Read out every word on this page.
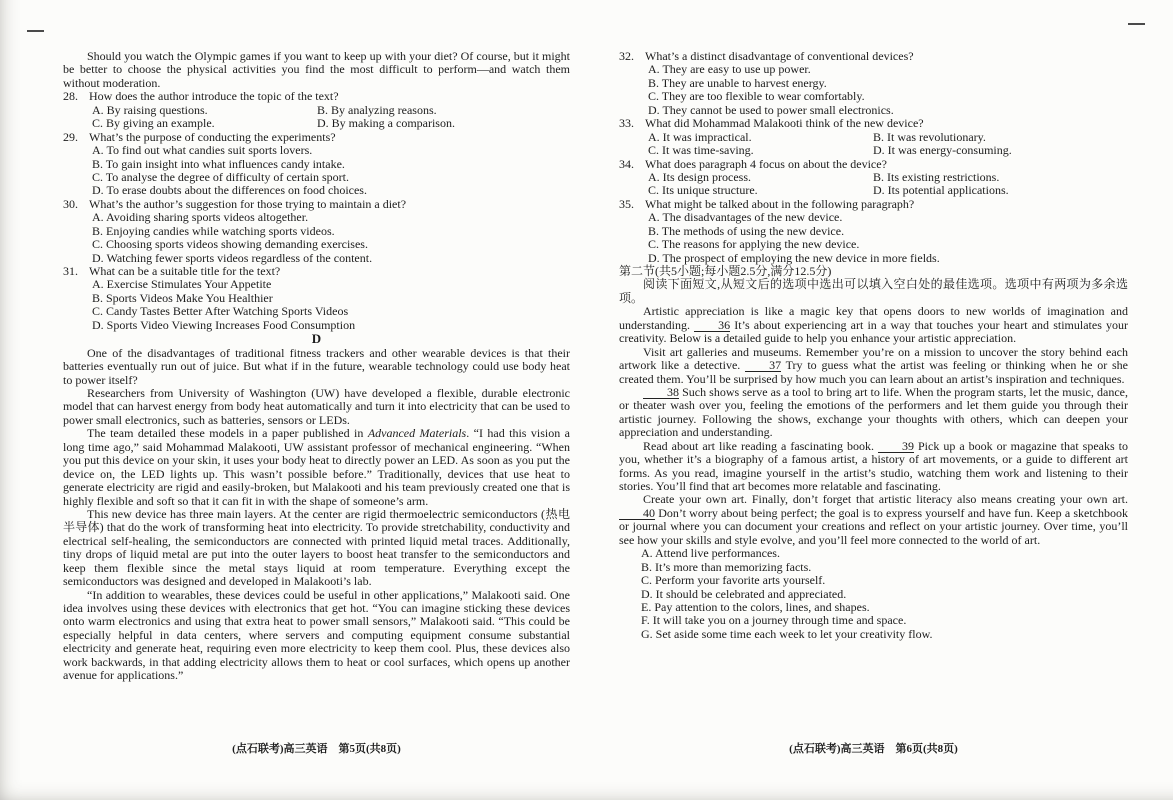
Should you watch the Olympic games if you want to keep up with your diet? Of course, but it might be better to choose the physical activities you find the most difficult to perform—and watch them without moderation.

28. How does the author introduce the topic of the text?
A. By raising questions.	B. By analyzing reasons.
C. By giving an example.	D. By making a comparison.
29. What’s the purpose of conducting the experiments?
A. To find out what candies suit sports lovers.
B. To gain insight into what influences candy intake.
C. To analyse the degree of difficulty of certain sport.
D. To erase doubts about the differences on food choices.
30. What’s the author’s suggestion for those trying to maintain a diet?
A. Avoiding sharing sports videos altogether.
B. Enjoying candies while watching sports videos.
C. Choosing sports videos showing demanding exercises.
D. Watching fewer sports videos regardless of the content.
31. What can be a suitable title for the text?
A. Exercise Stimulates Your Appetite
B. Sports Videos Make You Healthier
C. Candy Tastes Better After Watching Sports Videos
D. Sports Video Viewing Increases Food Consumption
D

One of the disadvantages of traditional fitness trackers and other wearable devices is that their batteries eventually run out of juice. But what if in the future, wearable technology could use body heat to power itself?

Researchers from University of Washington (UW) have developed a flexible, durable electronic model that can harvest energy from body heat automatically and turn it into electricity that can be used to power small electronics, such as batteries, sensors or LEDs.

The team detailed these models in a paper published in Advanced Materials. “I had this vision a long time ago,” said Mohammad Malakooti, UW assistant professor of mechanical engineering. “When you put this device on your skin, it uses your body heat to directly power an LED. As soon as you put the device on, the LED lights up. This wasn’t possible before.” Traditionally, devices that use heat to generate electricity are rigid and easily-broken, but Malakooti and his team previously created one that is highly flexible and soft so that it can fit in with the shape of someone’s arm.

This new device has three main layers. At the center are rigid thermoelectric semiconductors (热电半导体) that do the work of transforming heat into electricity. To provide stretchability, conductivity and electrical self-healing, the semiconductors are connected with printed liquid metal traces. Additionally, tiny drops of liquid metal are put into the outer layers to boost heat transfer to the semiconductors and keep them flexible since the metal stays liquid at room temperature. Everything except the semiconductors was designed and developed in Malakooti’s lab.

“In addition to wearables, these devices could be useful in other applications,” Malakooti said. One idea involves using these devices with electronics that get hot. “You can imagine sticking these devices onto warm electronics and using that extra heat to power small sensors,” Malakooti said. “This could be especially helpful in data centers, where servers and computing equipment consume substantial electricity and generate heat, requiring even more electricity to keep them cool. Plus, these devices also work backwards, in that adding electricity allows them to heat or cool surfaces, which opens up another avenue for applications.”

32. What’s a distinct disadvantage of conventional devices?
A. They are easy to use up power.
B. They are unable to harvest energy.
C. They are too flexible to wear comfortably.
D. They cannot be used to power small electronics.
33. What did Mohammad Malakooti think of the new device?
A. It was impractical.	B. It was revolutionary.
C. It was time-saving.	D. It was energy-consuming.
34. What does paragraph 4 focus on about the device?
A. Its design process.	B. Its existing restrictions.
C. Its unique structure.	D. Its potential applications.
35. What might be talked about in the following paragraph?
A. The disadvantages of the new device.
B. The methods of using the new device.
C. The reasons for applying the new device.
D. The prospect of employing the new device in more fields.
第二节(共5小题;每小题2.5分,满分12.5分)

阅读下面短文,从短文后的选项中选出可以填入空白处的最佳选项。选项中有两项为多余选项。

Artistic appreciation is like a magic key that opens doors to new worlds of imagination and understanding. 36 It’s about experiencing art in a way that touches your heart and stimulates your creativity. Below is a detailed guide to help you enhance your artistic appreciation.

Visit art galleries and museums. Remember you’re on a mission to uncover the story behind each artwork like a detective. 37 Try to guess what the artist was feeling or thinking when he or she created them. You’ll be surprised by how much you can learn about an artist’s inspiration and techniques.

38 Such shows serve as a tool to bring art to life. When the program starts, let the music, dance, or theater wash over you, feeling the emotions of the performers and let them guide you through their artistic journey. Following the shows, exchange your thoughts with others, which can deepen your appreciation and understanding.

Read about art like reading a fascinating book. 39 Pick up a book or magazine that speaks to you, whether it’s a biography of a famous artist, a history of art movements, or a guide to different art forms. As you read, imagine yourself in the artist’s studio, watching them work and listening to their stories. You’ll find that art becomes more relatable and fascinating.

Create your own art. Finally, don’t forget that artistic literacy also means creating your own art. 40 Don’t worry about being perfect; the goal is to express yourself and have fun. Keep a sketchbook or journal where you can document your creations and reflect on your artistic journey. Over time, you’ll see how your skills and style evolve, and you’ll feel more connected to the world of art.

A. Attend live performances.
B. It’s more than memorizing facts.
C. Perform your favorite arts yourself.
D. It should be celebrated and appreciated.
E. Pay attention to the colors, lines, and shapes.
F. It will take you on a journey through time and space.
G. Set aside some time each week to let your creativity flow.
(点石联考)高三英语    第5页(共8页)	(点石联考)高三英语    第6页(共8页)
